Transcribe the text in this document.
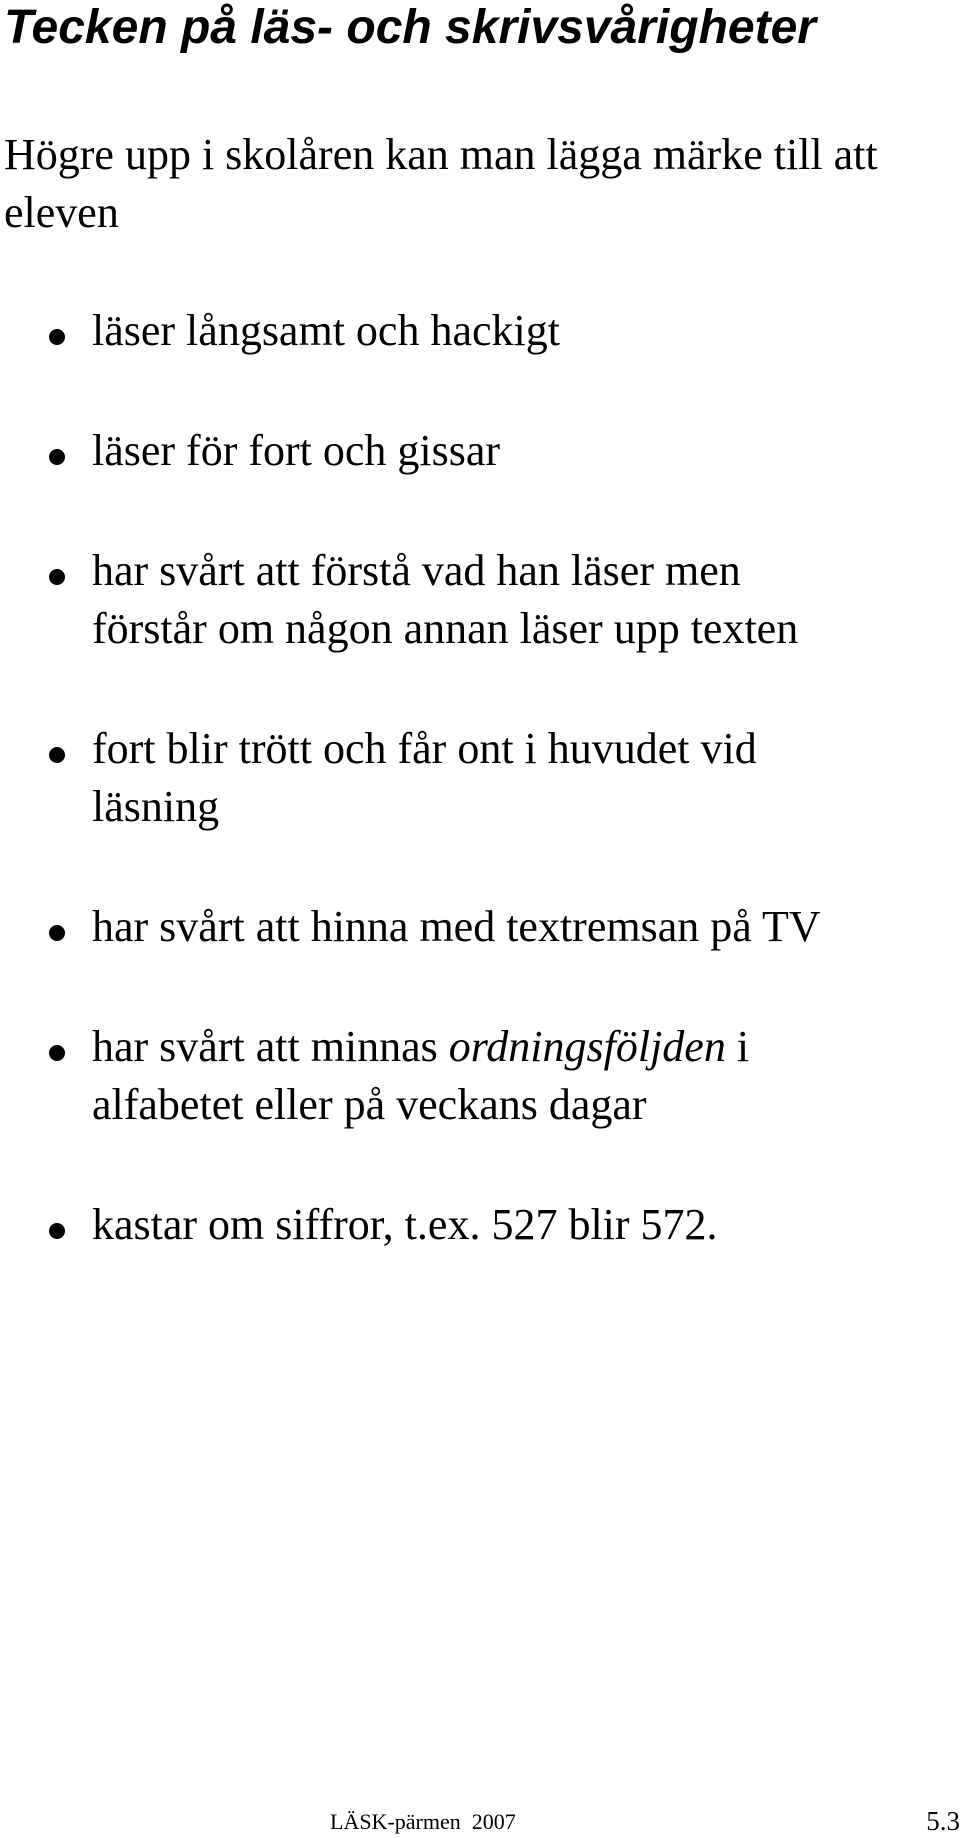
Tecken på läs- och skrivsvårigheter

Högre upp i skolåren kan man lägga märke till att eleven

läser långsamt och hackigt

läser för fort och gissar

har svårt att förstå vad han läser men
förstår om någon annan läser upp texten

fort blir trött och får ont i huvudet vid
läsning

har svårt att hinna med textremsan på TV

har svårt att minnas ordningsföljden i
alfabetet eller på veckans dagar

kastar om siffror, t.ex. 527 blir 572.

LÄSK-pärmen  2007	5.3
